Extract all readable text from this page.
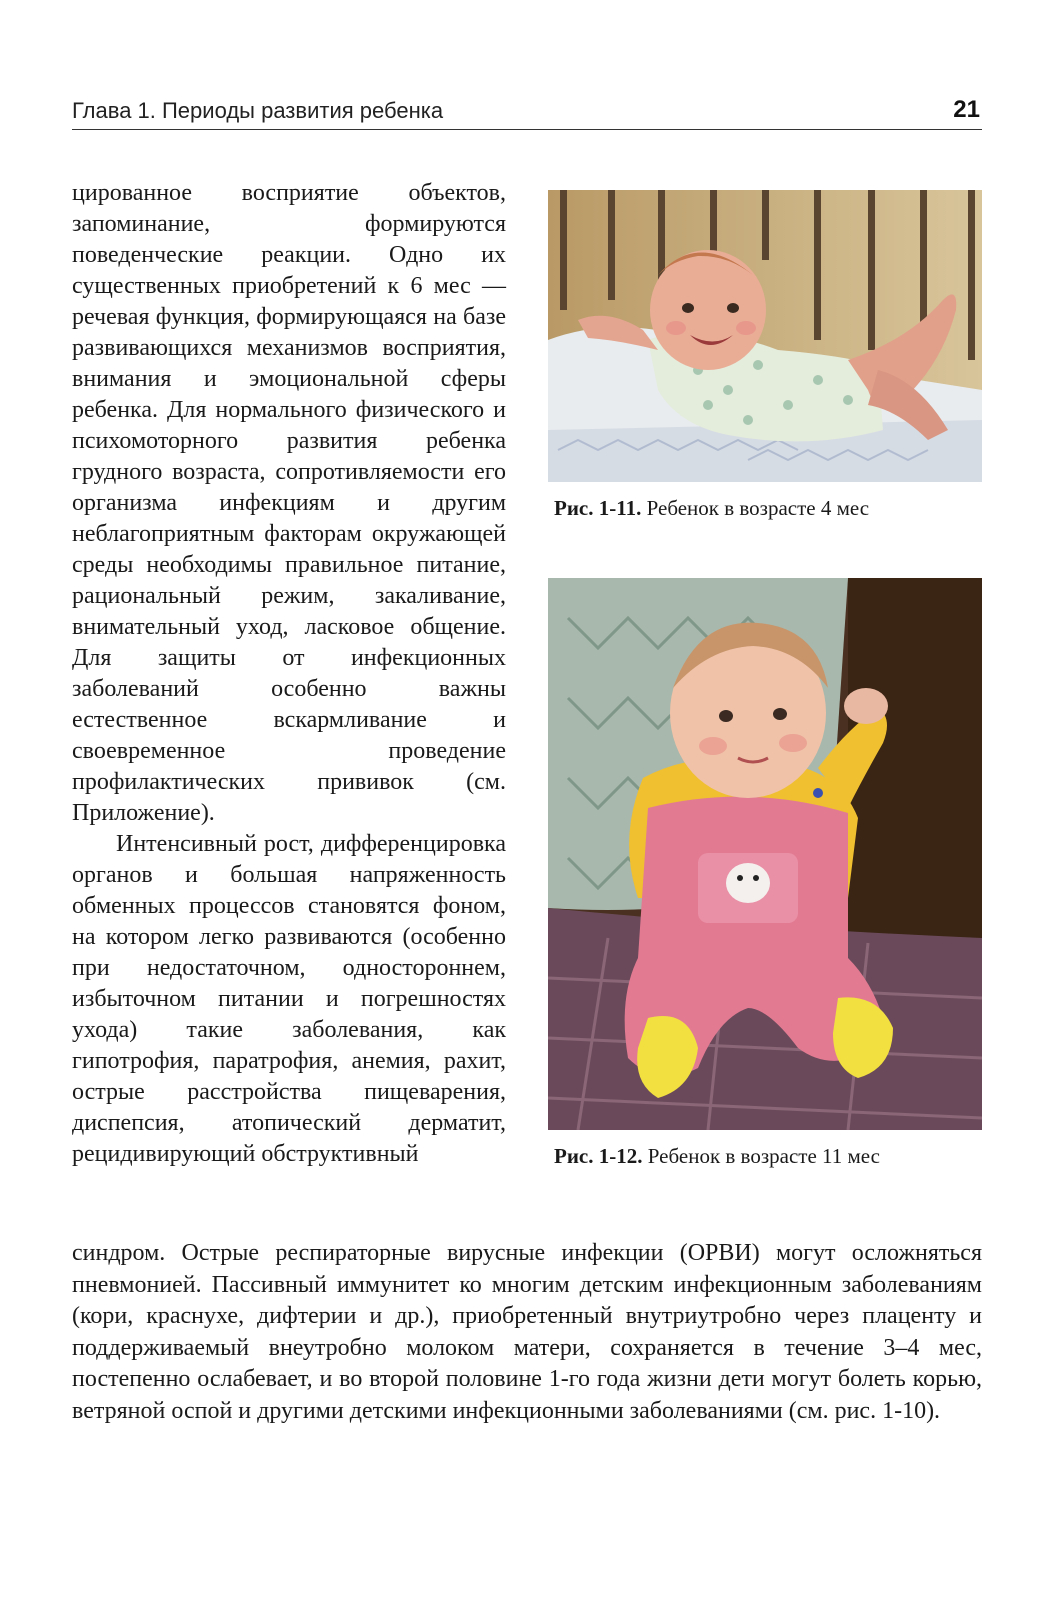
Глава 1. Периоды развития ребенка	21

цированное восприятие объектов, запоминание, формируются поведенческие реакции. Одно их существенных приобретений к 6 мес — речевая функция, формирующаяся на базе развивающихся механизмов восприятия, внимания и эмоциональной сферы ребенка. Для нормального физического и психомоторного развития ребенка грудного возраста, сопротивляемости его организма инфекциям и другим неблагоприятным факторам окружающей среды необходимы правильное питание, рациональный режим, закаливание, внимательный уход, ласковое общение. Для защиты от инфекционных заболеваний особенно важны естественное вскармливание и своевременное проведение профилактических прививок (см. Приложение).

Интенсивный рост, дифференцировка органов и большая напряженность обменных процессов становятся фоном, на котором легко развиваются (особенно при недостаточном, одностороннем, избыточном питании и погрешностях ухода) такие заболевания, как гипотрофия, паратрофия, анемия, рахит, острые расстройства пищеварения, диспепсия, атопический дерматит, рецидивирующий обструктивный

Рис. 1-11. Ребенок в возрасте 4 мес
Рис. 1-12. Ребенок в возрасте 11 мес

синдром. Острые респираторные вирусные инфекции (ОРВИ) могут осложняться пневмонией. Пассивный иммунитет ко многим детским инфекционным заболеваниям (кори, краснухе, дифтерии и др.), приобретенный внутриутробно через плаценту и поддерживаемый внеутробно молоком матери, сохраняется в течение 3–4 мес, постепенно ослабевает, и во второй половине 1-го года жизни дети могут болеть корью, ветряной оспой и другими детскими инфекционными заболеваниями (см. рис. 1-10).
